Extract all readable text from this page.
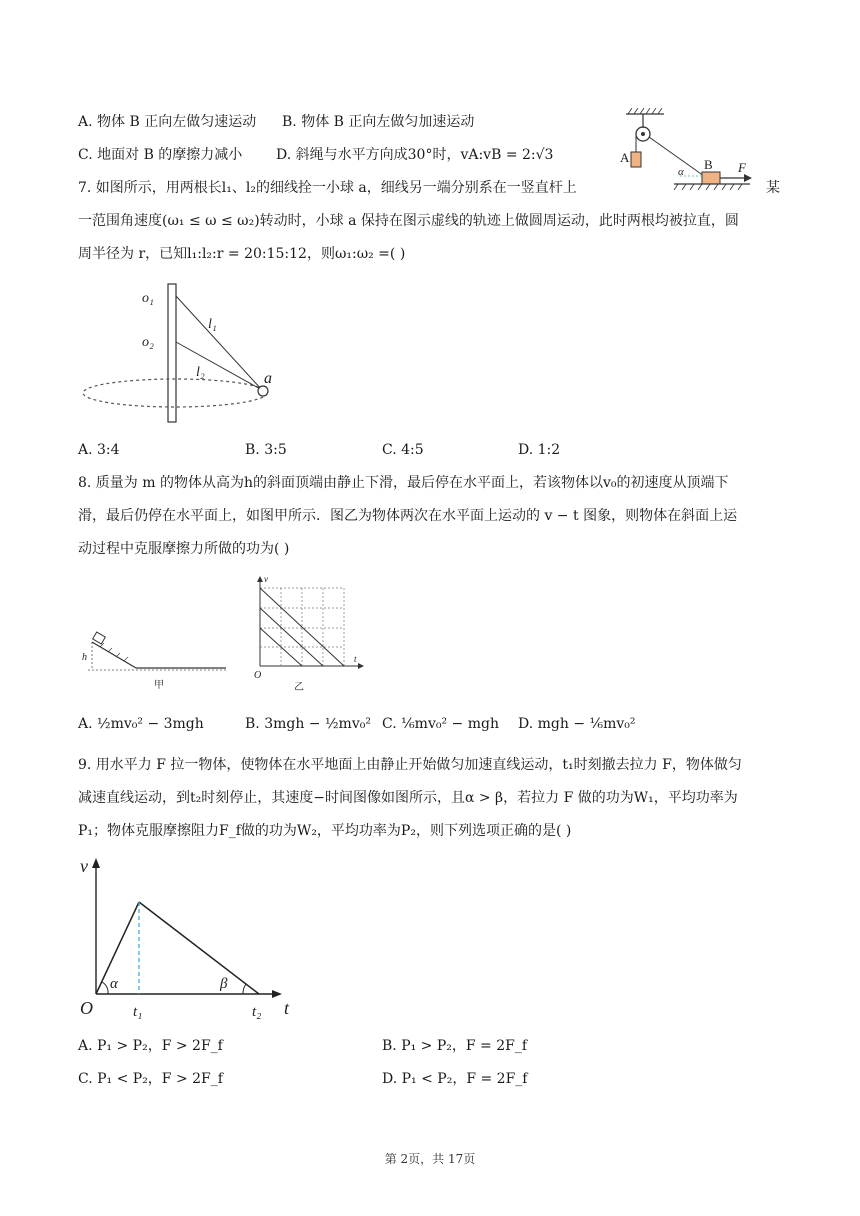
A. 物体 B 正向左做匀速运动 B. 物体 B 正向左做匀加速运动
C. 地面对 B 的摩擦力减小 D. 斜绳与水平方向成30°时，vA:vB = 2:√3	A	B F
α
7. 如图所示，用两根长l₁、l₂的细线拴一小球 a，细线另一端分别系在一竖直杆上	某
一范围角速度(ω₁ ≤ ω ≤ ω₂)转动时，小球 a 保持在图示虚线的轨迹上做圆周运动，此时两根均被拉直，圆
周半径为 r，已知l₁:l₂:r = 20:15:12，则ω₁:ω₂ =( )
o₁
o₂
l₁
l₂	a
A. 3:4	B. 3:5	C. 4:5	D. 1:2
8. 质量为 m 的物体从高为h的斜面顶端由静止下滑，最后停在水平面上，若该物体以v₀的初速度从顶端下
滑，最后仍停在水平面上，如图甲所示．图乙为物体两次在水平面上运动的 v − t 图象，则物体在斜面上运
动过程中克服摩擦力所做的功为( )
h
甲
v
t
O
乙
A. ½mv₀² − 3mgh	B. 3mgh − ½mv₀² C. ⅙mv₀² − mgh D. mgh − ⅙mv₀²
9. 用水平力 F 拉一物体，使物体在水平地面上由静止开始做匀加速直线运动，t₁时刻撤去拉力 F，物体做匀
减速直线运动，到t₂时刻停止，其速度−时间图像如图所示，且α > β，若拉力 F 做的功为W₁，平均功率为
P₁；物体克服摩擦阻力F_f做的功为W₂，平均功率为P₂，则下列选项正确的是( )
v
O
α	β
t₁	t₂ t
A. P₁ > P₂，F > 2F_f	B. P₁ > P₂，F = 2F_f
C. P₁ < P₂，F > 2F_f	D. P₁ < P₂，F = 2F_f
第 2页，共 17页
